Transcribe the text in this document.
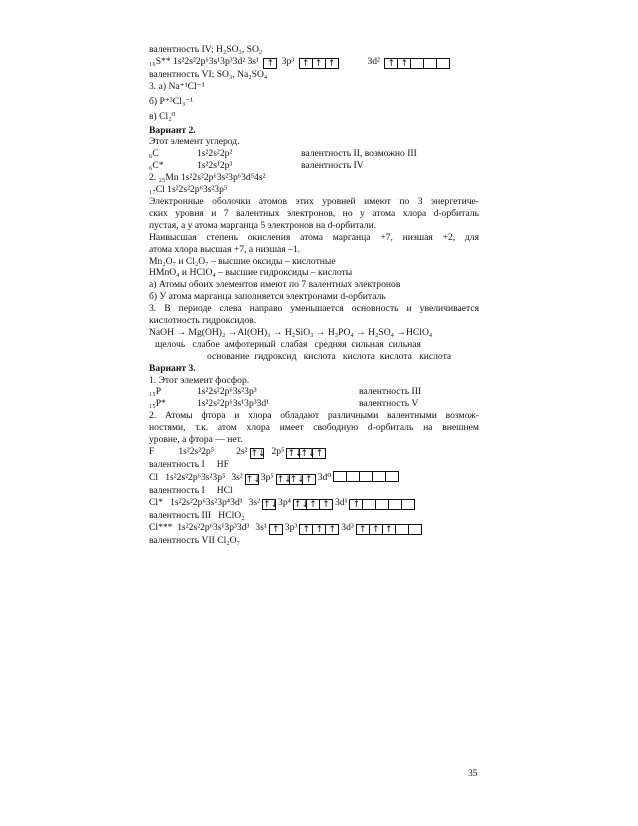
валентность IV; H₂SO₃, SO₂
₁₆S** 1s²2s²2p⁶3s¹3p³3d² 3s¹ ↑ 3p³ ↑ ↑ ↑	3d² ↑ ↑
валентность VI; SO₃, Na₂SO₄
3. а) Na⁺¹Cl⁻¹
б) P⁺³Cl₃⁻¹
в) Cl₂⁰
Вариант 2.
Этот элемент углерод.
₆C	1s²2s²2p²	валентность II, возможно III
₆C*	1s²2s¹2p³	валентность IV
2. ₂₅Mn 1s²2s²2p⁶3s²3p⁶3d⁵4s²
₁₇Cl 1s²2s²2p⁶3s²3p⁵
Электронные оболочки атомов этих уровней имеют по 3 энергетиче-
ских уровня и 7 валентных электронов, но у атома хлора d-орбиталь
пустая, а у атома марганца 5 электронов на d-орбитали.
Наивысшая степень окисления атома марганца +7, низшая +2, для
атома хлора высшая +7, а низшая –1.
Mn₂O₇ и Cl₂O₇ – высшие оксиды – кислотные
HMnO₄ и HClO₄ – высшие гидроксиды – кислоты
а) Атомы обоих элементов имеют по 7 валентных электронов
б) У атома марганца заполняется электронами d-орбиталь
3. В периоде слева направо уменьшается основность и увеличивается
кислотность гидроксидов.
NaOH → Mg(OH)₂ →Al(OH)₃ → H₂SiO₃ → H₃PO₄ → H₂SO₄ →HClO₄
щелочь   слабое  амфотерный  слабая   средняя  сильная  сильная
основание  гидроксид   кислота   кислота  кислота   кислота
Вариант 3.
1. Этот элемент фосфор.
₁₅P	1s²2s²2p⁶3s²3p³	валентность III
₁₅P*	1s²2s²2p⁶3s¹3p³3d¹	валентность V
2. Атомы фтора и хлора обладают различными валентными возмож-
ностями, т.к. атом хлора имеет свободную d-орбиталь на внешнем
уровне, а фтора — нет.
F          1s²2s²2p⁵ 2s² ↑↓ 2p⁵ ↑↓
↑↓ ↑
валентность I     HF
Cl   1s²2s²2p⁶3s²3p⁵ 3s² ↑↓ 3p⁵ ↑↓
↑↓ ↑ 3d⁰
валентность I     HCl
Cl*   1s²2s²2p⁶3s²3p⁴3d¹ 3s² ↑↓ 3p⁴ ↑↓ ↑ ↑ 3d¹ ↑
валентность III   HClO₂
Cl***  1s²2s²2p⁶3s¹3p³3d³ 3s¹ ↑ 3p³ ↑ ↑ ↑ 3d³ ↑ ↑ ↑
валентность VII Cl₂O₇
35
